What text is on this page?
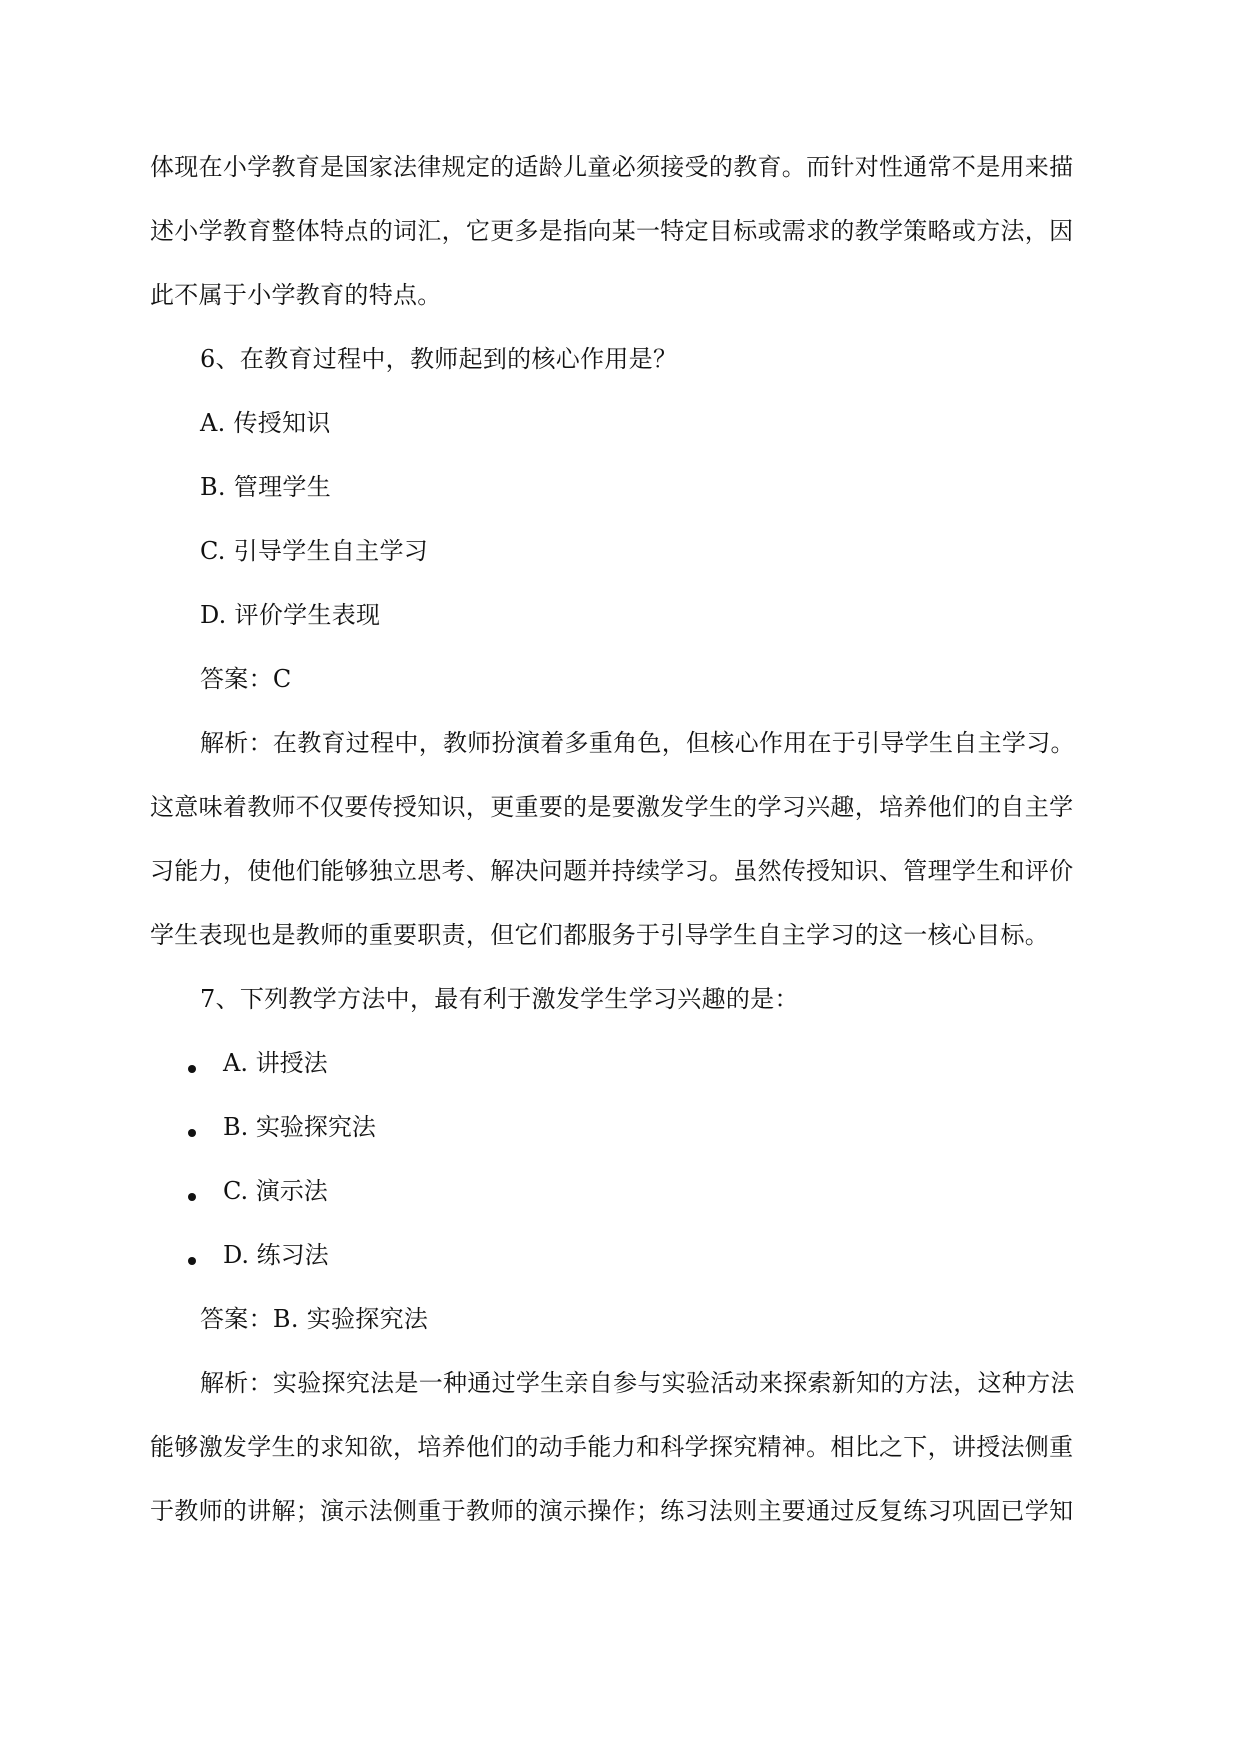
体现在小学教育是国家法律规定的适龄儿童必须接受的教育。而针对性通常不是用来描
述小学教育整体特点的词汇，它更多是指向某一特定目标或需求的教学策略或方法，因
此不属于小学教育的特点。
6、在教育过程中，教师起到的核心作用是？
A. 传授知识
B. 管理学生
C. 引导学生自主学习
D. 评价学生表现
答案：C
解析：在教育过程中，教师扮演着多重角色，但核心作用在于引导学生自主学习。
这意味着教师不仅要传授知识，更重要的是要激发学生的学习兴趣，培养他们的自主学
习能力，使他们能够独立思考、解决问题并持续学习。虽然传授知识、管理学生和评价
学生表现也是教师的重要职责，但它们都服务于引导学生自主学习的这一核心目标。
7、下列教学方法中，最有利于激发学生学习兴趣的是：
A. 讲授法
B. 实验探究法
C. 演示法
D. 练习法
答案：B. 实验探究法
解析：实验探究法是一种通过学生亲自参与实验活动来探索新知的方法，这种方法
能够激发学生的求知欲，培养他们的动手能力和科学探究精神。相比之下，讲授法侧重
于教师的讲解；演示法侧重于教师的演示操作；练习法则主要通过反复练习巩固已学知
